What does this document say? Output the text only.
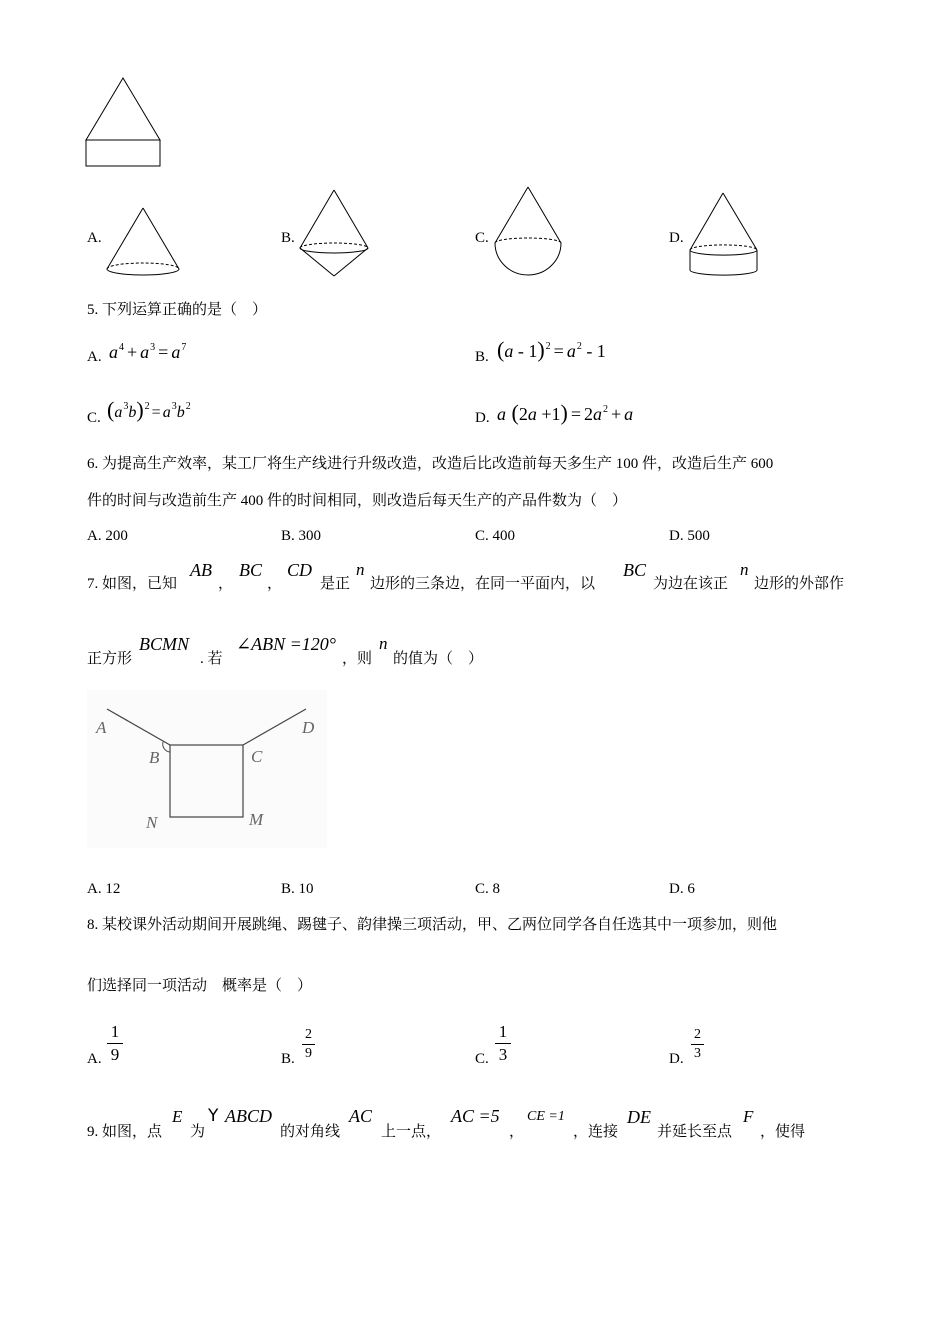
A.	B.	C.	D.
5. 下列运算正确的是（　）
A. $a^4 + a^3 = a^7$
B. $(a - 1)^2 = a^2 - 1$
C. $(a^3b)^2 = a^3b^2$
D. a $(2a +1) = 2a^2 + a$
6. 为提高生产效率，某工厂将生产线进行升级改造，改造后比改造前每天多生产 100 件，改造后生产 600
件的时间与改造前生产 400 件的时间相同，则改造后每天生产的产品件数为（　）
A. 200	B. 300	C. 400	D. 500
7. 如图，已知
AB
，
BC
，
CD
是正
n
边形的三条边，在同一平面内，以
BC
为边在该正
n
边形的外部作
正方形
BCMN
. 若
∠ABN =120°
，则
n
的值为（　）
A
B	C
D
N	M
A. 12	B. 10	C. 8	D. 6
8. 某校课外活动期间开展跳绳、踢毽子、韵律操三项活动，甲、乙两位同学各自任选其中一项参加，则他
们选择同一项活动　概率是（　）
A.
1
9	B.
2
9	C.
1
3	D.
2
3
9. 如图，点
E
为
Y ABCD
的对角线
AC
上一点，
AC =5
，
CE =1
，连接
DE
并延长至点
F
，使得
